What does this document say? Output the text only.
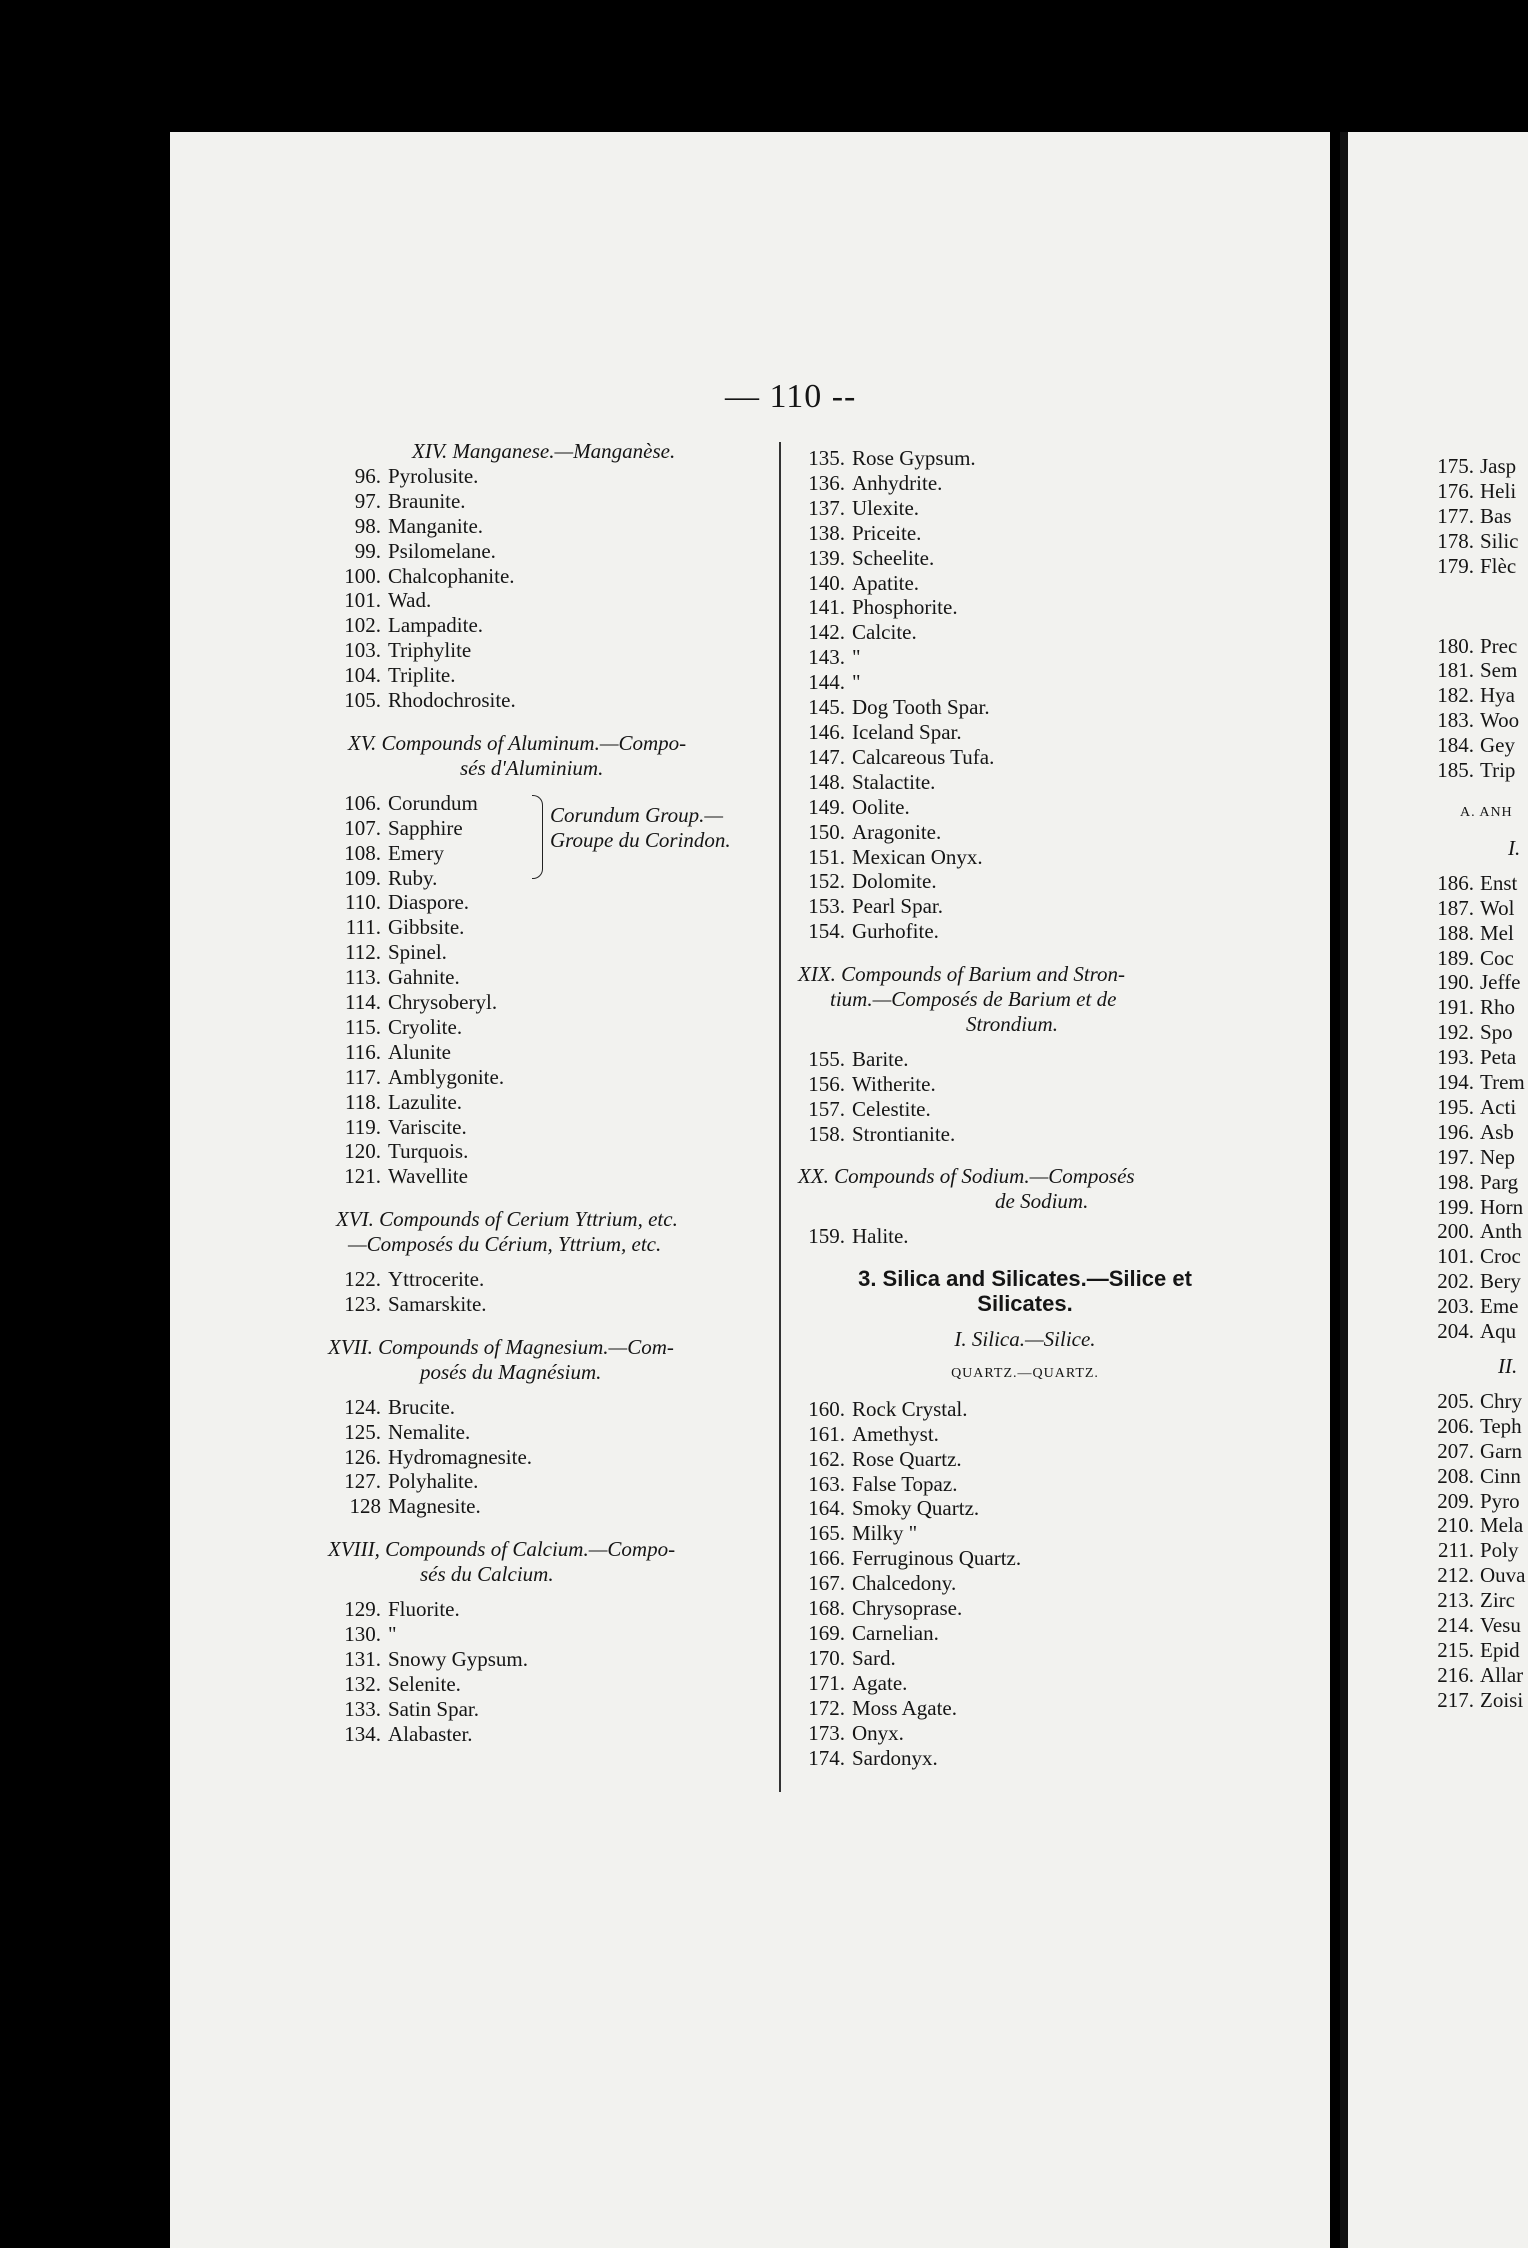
— 110 --
XIV. Manganese.—Manganèse.
96. Pyrolusite.
97. Braunite.
98. Manganite.
99. Psilomelane.
100. Chalcophanite.
101. Wad.
102. Lampadite.
103. Triphylite
104. Triplite.
105. Rhodochrosite.
XV. Compounds of Aluminum.—Compo-
sés d'Aluminium.
106. Corundum
107. Sapphire
108. Emery
109. Ruby.
Corundum Group.—
Groupe du Corindon.
110. Diaspore.
111. Gibbsite.
112. Spinel.
113. Gahnite.
114. Chrysoberyl.
115. Cryolite.
116. Alunite
117. Amblygonite.
118. Lazulite.
119. Variscite.
120. Turquois.
121. Wavellite
XVI. Compounds of Cerium Yttrium, etc.
—Composés du Cérium, Yttrium, etc.
122. Yttrocerite.
123. Samarskite.
XVII. Compounds of Magnesium.—Com-
posés du Magnésium.
124. Brucite.
125. Nemalite.
126. Hydromagnesite.
127. Polyhalite.
128 Magnesite.
XVIII, Compounds of Calcium.—Compo-
sés du Calcium.
129. Fluorite.
130. "
131. Snowy Gypsum.
132. Selenite.
133. Satin Spar.
134. Alabaster.
135. Rose Gypsum.
136. Anhydrite.
137. Ulexite.
138. Priceite.
139. Scheelite.
140. Apatite.
141. Phosphorite.
142. Calcite.
143. "
144. "
145. Dog Tooth Spar.
146. Iceland Spar.
147. Calcareous Tufa.
148. Stalactite.
149. Oolite.
150. Aragonite.
151. Mexican Onyx.
152. Dolomite.
153. Pearl Spar.
154. Gurhofite.
XIX. Compounds of Barium and Stron-
tium.—Composés de Barium et de
Strondium.
155. Barite.
156. Witherite.
157. Celestite.
158. Strontianite.
XX. Compounds of Sodium.—Composés
de Sodium.
159. Halite.
3. Silica and Silicates.—Silice et
Silicates.
I. Silica.—Silice.
QUARTZ.—QUARTZ.
160. Rock Crystal.
161. Amethyst.
162. Rose Quartz.
163. False Topaz.
164. Smoky Quartz.
165. Milky "
166. Ferruginous Quartz.
167. Chalcedony.
168. Chrysoprase.
169. Carnelian.
170. Sard.
171. Agate.
172. Moss Agate.
173. Onyx.
174. Sardonyx.
175. Jasp
176. Heli
177. Bas
178. Silic
179. Flèc
180. Prec
181. Sem
182. Hya
183. Woo
184. Gey
185. Trip
A. ANH
I.
186. Enst
187. Wol
188. Mel
189. Coc
190. Jeffe
191. Rho
192. Spo
193. Peta
194. Trem
195. Acti
196. Asb
197. Nep
198. Parg
199. Horn
200. Anth
101. Croc
202. Bery
203. Eme
204. Aqu
II.
205. Chry
206. Teph
207. Garn
208. Cinn
209. Pyro
210. Mela
211. Poly
212. Ouva
213. Zirc
214. Vesu
215. Epid
216. Allar
217. Zoisi
